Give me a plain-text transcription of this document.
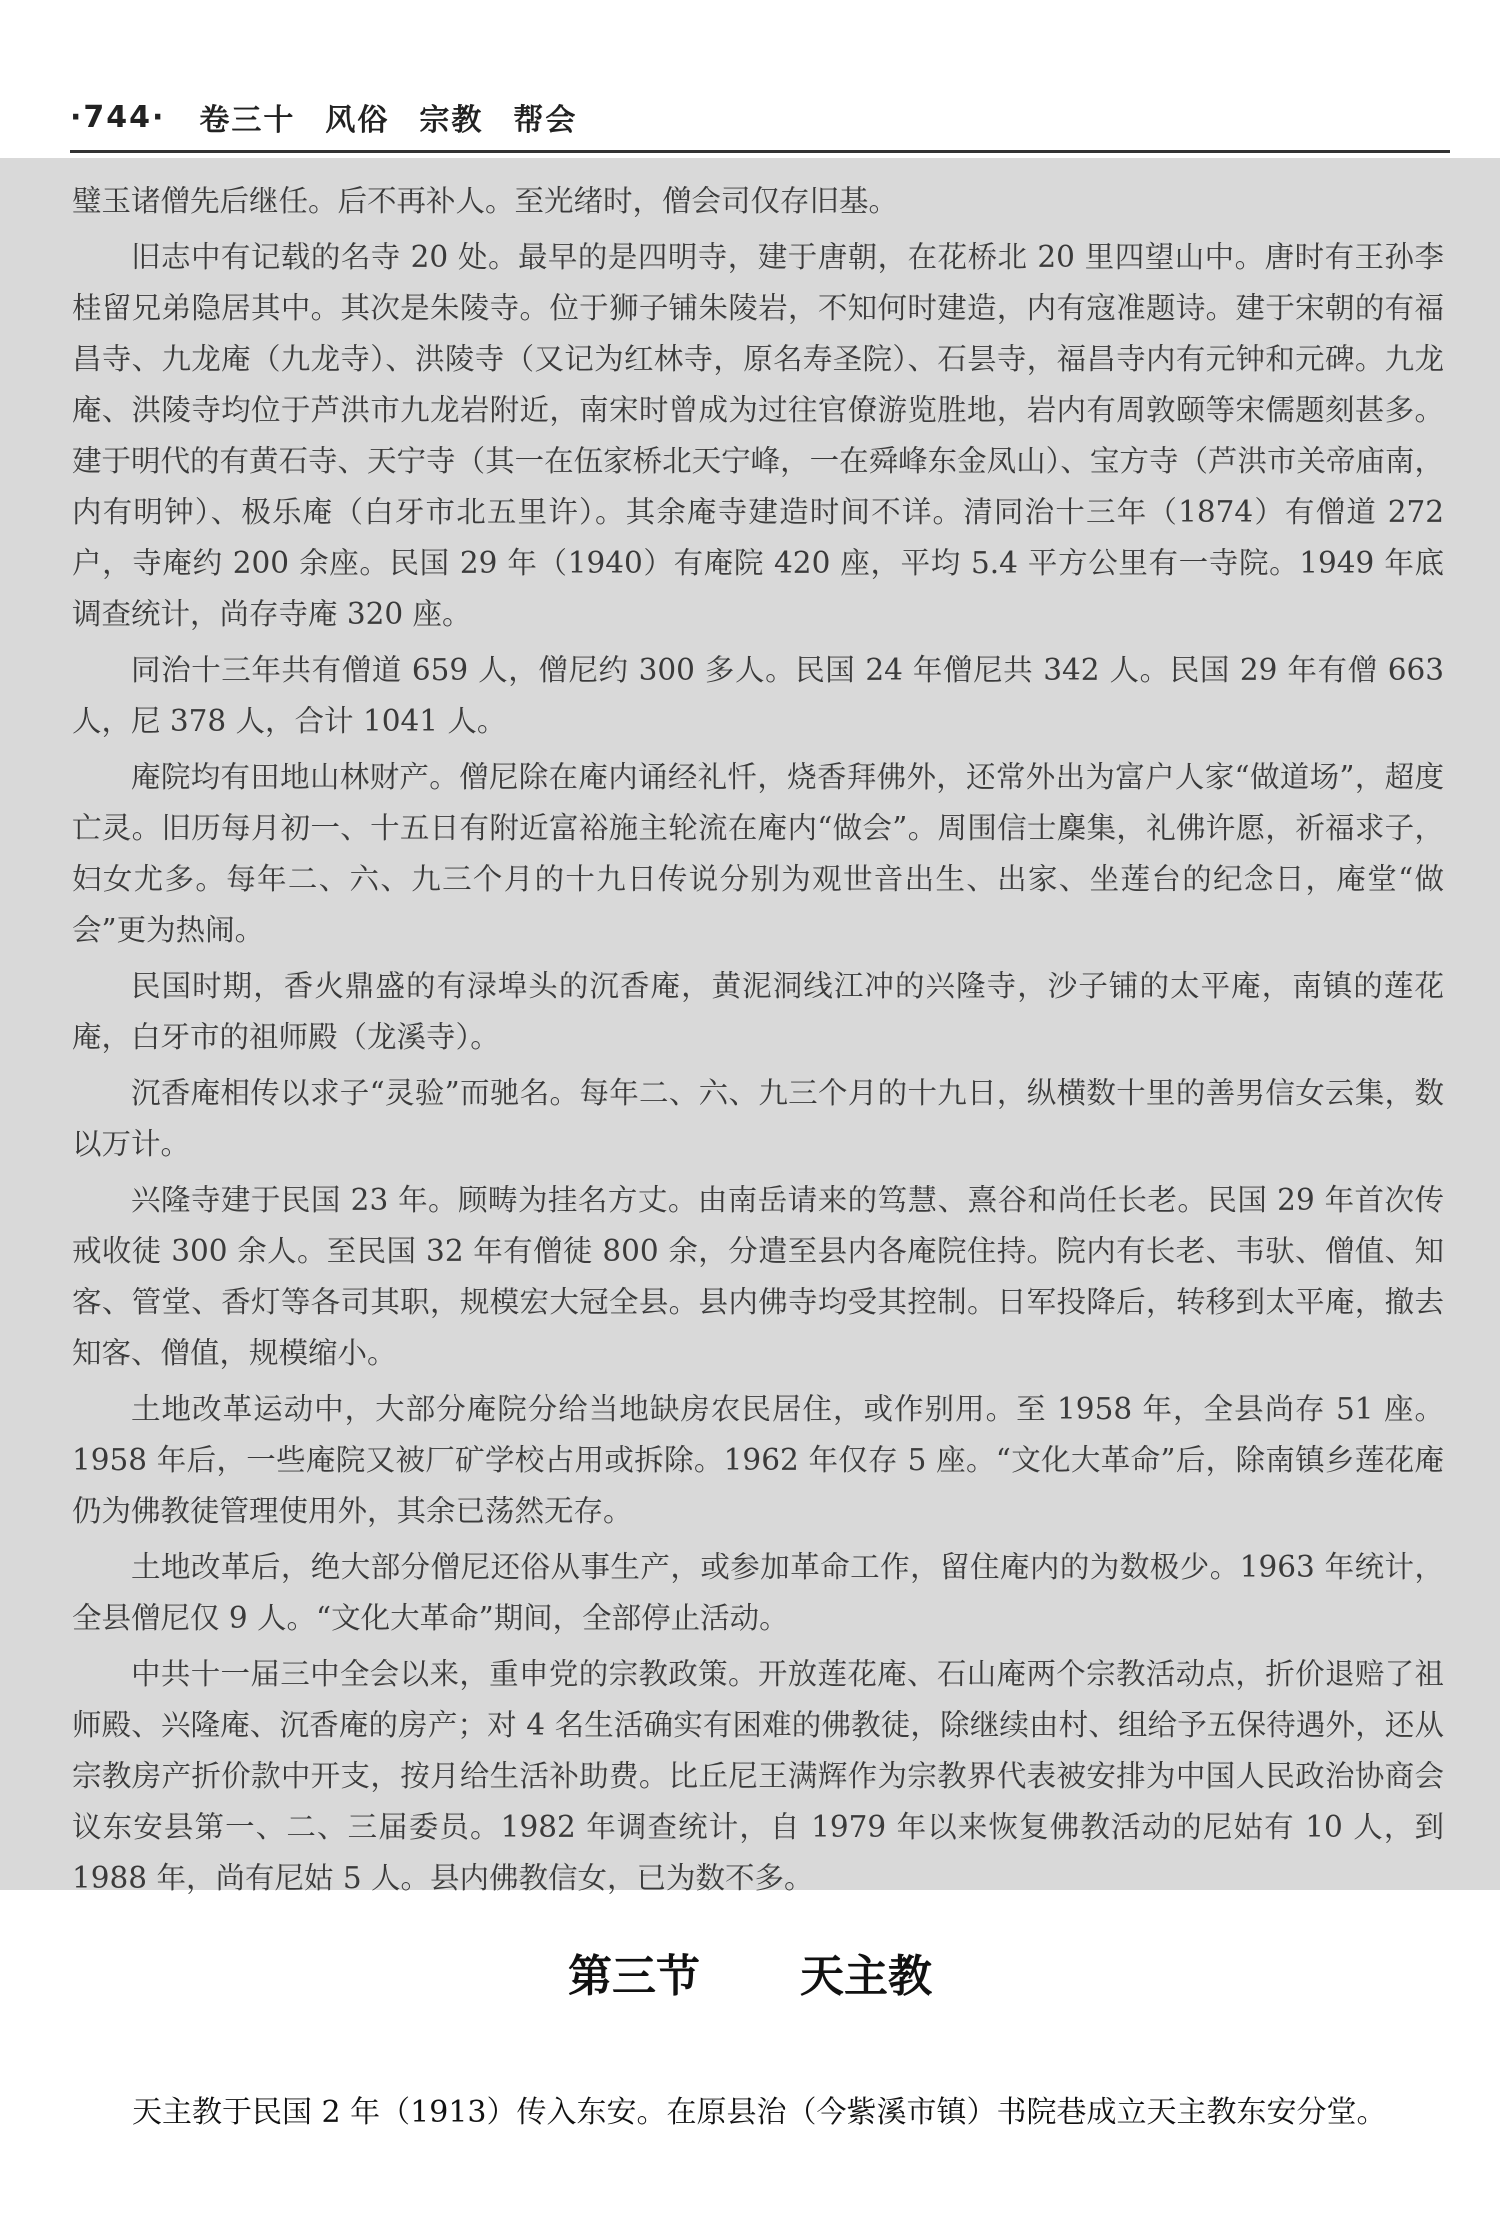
·744· 卷三十 风俗 宗教 帮会

璧玉诸僧先后继任。后不再补人。至光绪时，僧会司仅存旧基。

旧志中有记载的名寺 20 处。最早的是四明寺，建于唐朝，在花桥北 20 里四望山中。唐时有王孙李桂留兄弟隐居其中。其次是朱陵寺。位于狮子铺朱陵岩，不知何时建造，内有寇准题诗。建于宋朝的有福昌寺、九龙庵（九龙寺）、洪陵寺（又记为红林寺，原名寿圣院）、石昙寺，福昌寺内有元钟和元碑。九龙庵、洪陵寺均位于芦洪市九龙岩附近，南宋时曾成为过往官僚游览胜地，岩内有周敦颐等宋儒题刻甚多。建于明代的有黄石寺、天宁寺（其一在伍家桥北天宁峰，一在舜峰东金凤山）、宝方寺（芦洪市关帝庙南，内有明钟）、极乐庵（白牙市北五里许）。其余庵寺建造时间不详。清同治十三年（1874）有僧道 272 户，寺庵约 200 余座。民国 29 年（1940）有庵院 420 座，平均 5.4 平方公里有一寺院。1949 年底调查统计，尚存寺庵 320 座。

同治十三年共有僧道 659 人，僧尼约 300 多人。民国 24 年僧尼共 342 人。民国 29 年有僧 663 人，尼 378 人，合计 1041 人。

庵院均有田地山林财产。僧尼除在庵内诵经礼忏，烧香拜佛外，还常外出为富户人家“做道场”，超度亡灵。旧历每月初一、十五日有附近富裕施主轮流在庵内“做会”。周围信士麇集，礼佛许愿，祈福求子，妇女尤多。每年二、六、九三个月的十九日传说分别为观世音出生、出家、坐莲台的纪念日，庵堂“做会”更为热闹。

民国时期，香火鼎盛的有渌埠头的沉香庵，黄泥洞线江冲的兴隆寺，沙子铺的太平庵，南镇的莲花庵，白牙市的祖师殿（龙溪寺）。

沉香庵相传以求子“灵验”而驰名。每年二、六、九三个月的十九日，纵横数十里的善男信女云集，数以万计。

兴隆寺建于民国 23 年。顾畴为挂名方丈。由南岳请来的笃慧、熹谷和尚任长老。民国 29 年首次传戒收徒 300 余人。至民国 32 年有僧徒 800 余，分遣至县内各庵院住持。院内有长老、韦驮、僧值、知客、管堂、香灯等各司其职，规模宏大冠全县。县内佛寺均受其控制。日军投降后，转移到太平庵，撤去知客、僧值，规模缩小。

土地改革运动中，大部分庵院分给当地缺房农民居住，或作别用。至 1958 年，全县尚存 51 座。1958 年后，一些庵院又被厂矿学校占用或拆除。1962 年仅存 5 座。“文化大革命”后，除南镇乡莲花庵仍为佛教徒管理使用外，其余已荡然无存。

土地改革后，绝大部分僧尼还俗从事生产，或参加革命工作，留住庵内的为数极少。1963 年统计，全县僧尼仅 9 人。“文化大革命”期间，全部停止活动。

中共十一届三中全会以来，重申党的宗教政策。开放莲花庵、石山庵两个宗教活动点，折价退赔了祖师殿、兴隆庵、沉香庵的房产；对 4 名生活确实有困难的佛教徒，除继续由村、组给予五保待遇外，还从宗教房产折价款中开支，按月给生活补助费。比丘尼王满辉作为宗教界代表被安排为中国人民政治协商会议东安县第一、二、三届委员。1982 年调查统计，自 1979 年以来恢复佛教活动的尼姑有 10 人，到 1988 年，尚有尼姑 5 人。县内佛教信女，已为数不多。

第三节 天主教
天主教于民国 2 年（1913）传入东安。在原县治（今紫溪市镇）书院巷成立天主教东安分堂。
